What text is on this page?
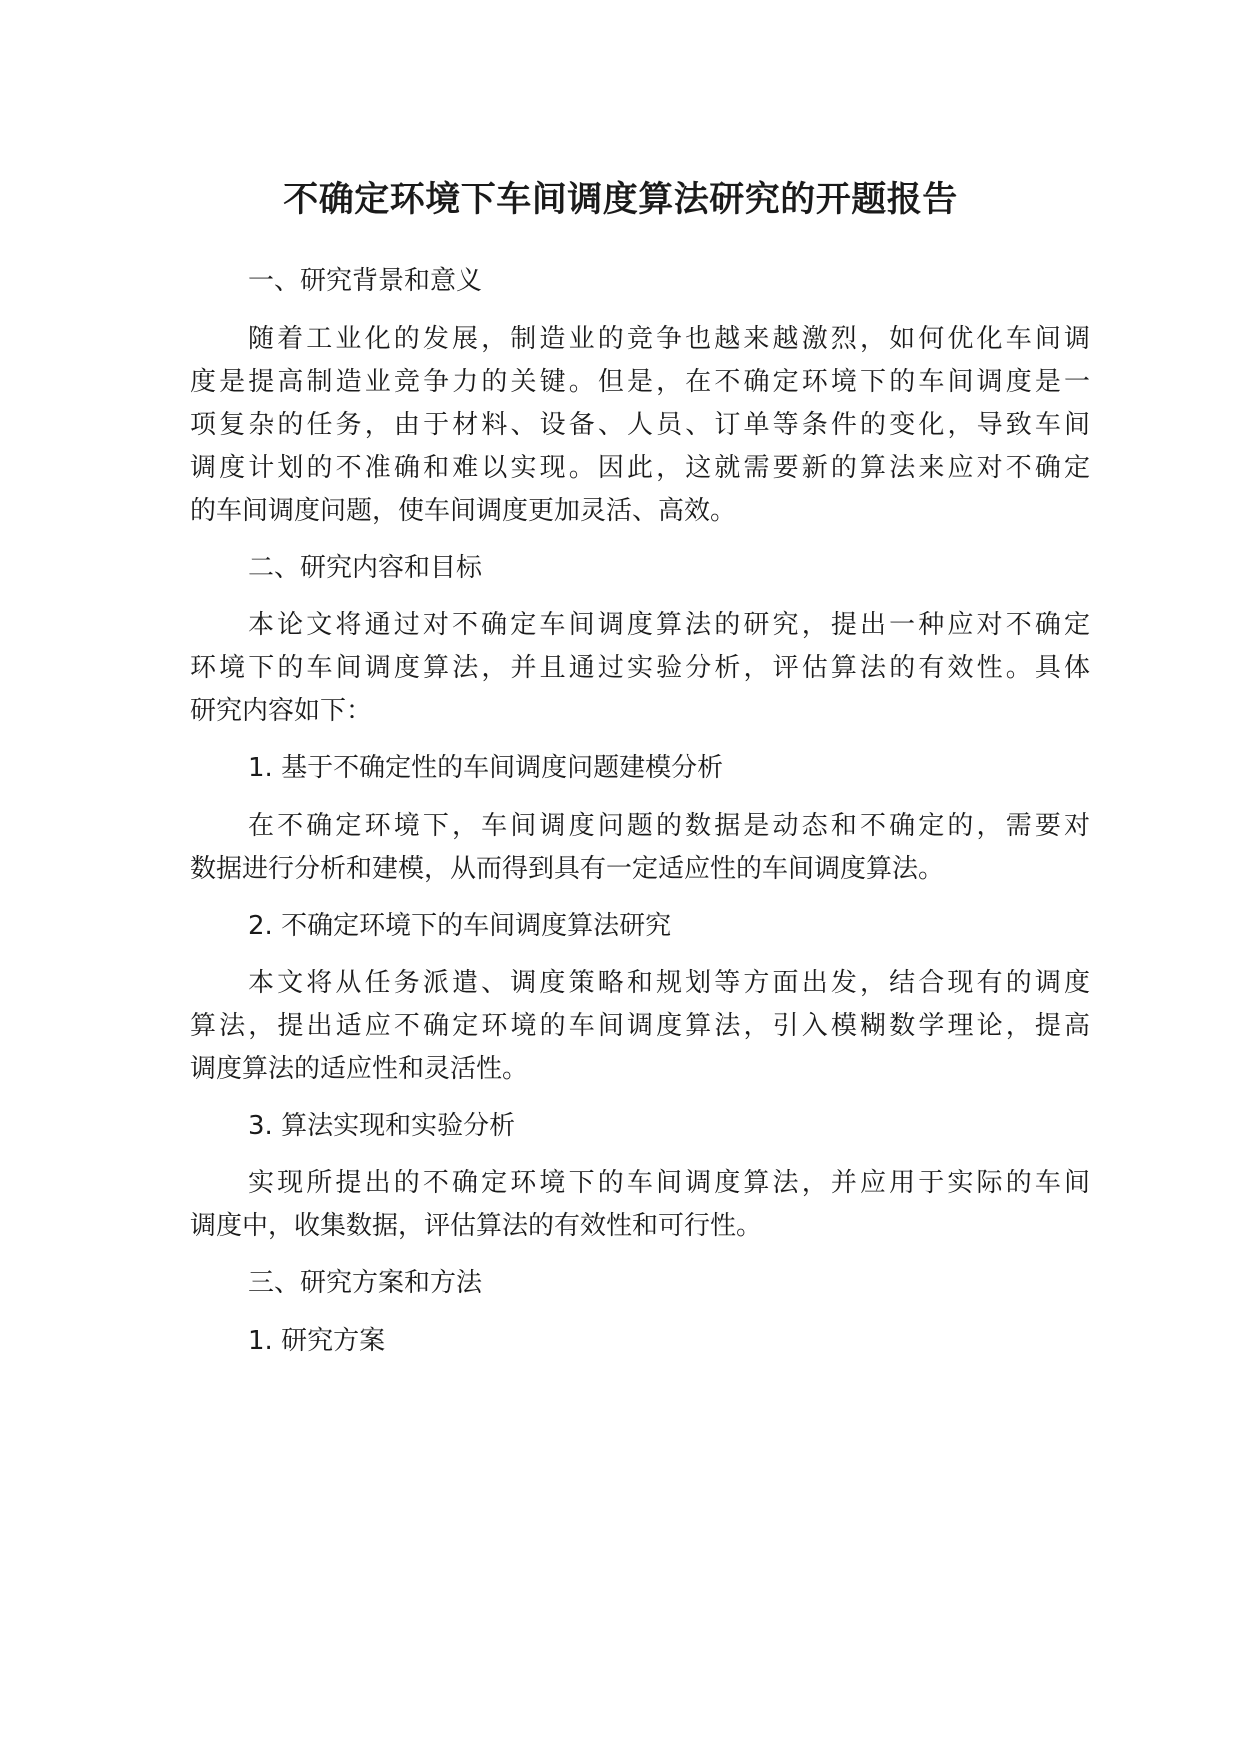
不确定环境下车间调度算法研究的开题报告

一、研究背景和意义

随着工业化的发展，制造业的竞争也越来越激烈，如何优化车间调

度是提高制造业竞争力的关键。但是，在不确定环境下的车间调度是一

项复杂的任务，由于材料、设备、人员、订单等条件的变化，导致车间

调度计划的不准确和难以实现。因此，这就需要新的算法来应对不确定

的车间调度问题，使车间调度更加灵活、高效。

二、研究内容和目标

本论文将通过对不确定车间调度算法的研究，提出一种应对不确定

环境下的车间调度算法，并且通过实验分析，评估算法的有效性。具体

研究内容如下：

1. 基于不确定性的车间调度问题建模分析

在不确定环境下，车间调度问题的数据是动态和不确定的，需要对

数据进行分析和建模，从而得到具有一定适应性的车间调度算法。

2. 不确定环境下的车间调度算法研究

本文将从任务派遣、调度策略和规划等方面出发，结合现有的调度

算法，提出适应不确定环境的车间调度算法，引入模糊数学理论，提高

调度算法的适应性和灵活性。

3. 算法实现和实验分析

实现所提出的不确定环境下的车间调度算法，并应用于实际的车间

调度中，收集数据，评估算法的有效性和可行性。

三、研究方案和方法

1. 研究方案
